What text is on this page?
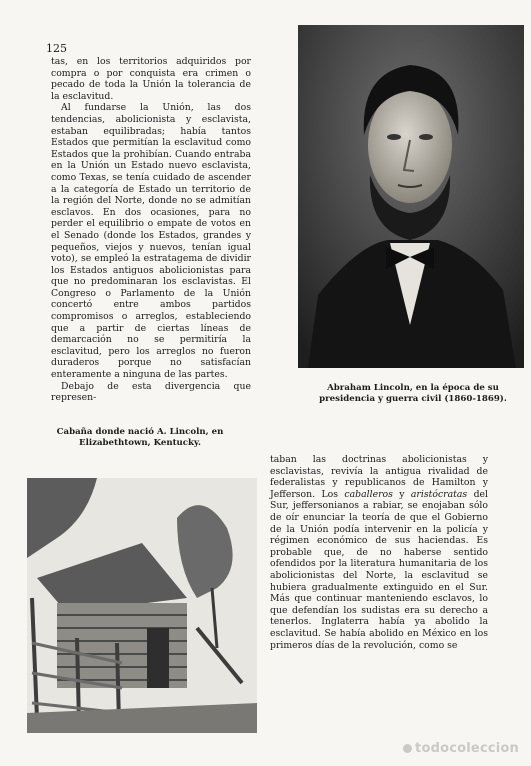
125

tas, en los territorios adquiridos por compra o por conquista era crimen o pecado de toda la Unión la tolerancia de la esclavitud.

Al fundarse la Unión, las dos tendencias, abolicionista y esclavista, estaban equilibradas; había tantos Estados que permitían la esclavitud como Estados que la prohibían. Cuando entraba en la Unión un Estado nuevo esclavista, como Texas, se tenía cuidado de ascender a la categoría de Estado un territorio de la región del Norte, donde no se admitían esclavos. En dos ocasiones, para no perder el equilibrio o empate de votos en el Senado (donde los Estados, grandes y pequeños, viejos y nuevos, tenían igual voto), se empleó la estratagema de dividir los Estados antiguos abolicionistas para que no predominaran los esclavistas. El Congreso o Parlamento de la Unión concertó entre ambos partidos compromisos o arreglos, estableciendo que a partir de ciertas líneas de demarcación no se permitiría la esclavitud, pero los arreglos no fueron duraderos porque no satisfacían enteramente a ninguna de las partes.

Debajo de esta divergencia que represen-

Abraham Lincoln, en la época de su presidencia y guerra civil (1860-1869).
Cabaña donde nació A. Lincoln, en Elizabethtown, Kentucky.

taban las doctrinas abolicionistas y esclavistas, revivía la antigua rivalidad de federalistas y republicanos de Hamilton y Jefferson. Los caballeros y aristócratas del Sur, jeffersonianos a rabiar, se enojaban sólo de oír enunciar la teoría de que el Gobierno de la Unión podía intervenir en la policía y régimen económico de sus haciendas. Es probable que, de no haberse sentido ofendidos por la literatura humanitaria de los abolicionistas del Norte, la esclavitud se hubiera gradualmente extinguido en el Sur. Más que continuar manteniendo esclavos, lo que defendían los sudistas era su derecho a tenerlos. Inglaterra había ya abolido la esclavitud. Se había abolido en México en los primeros días de la revolución, como se

todocoleccion
